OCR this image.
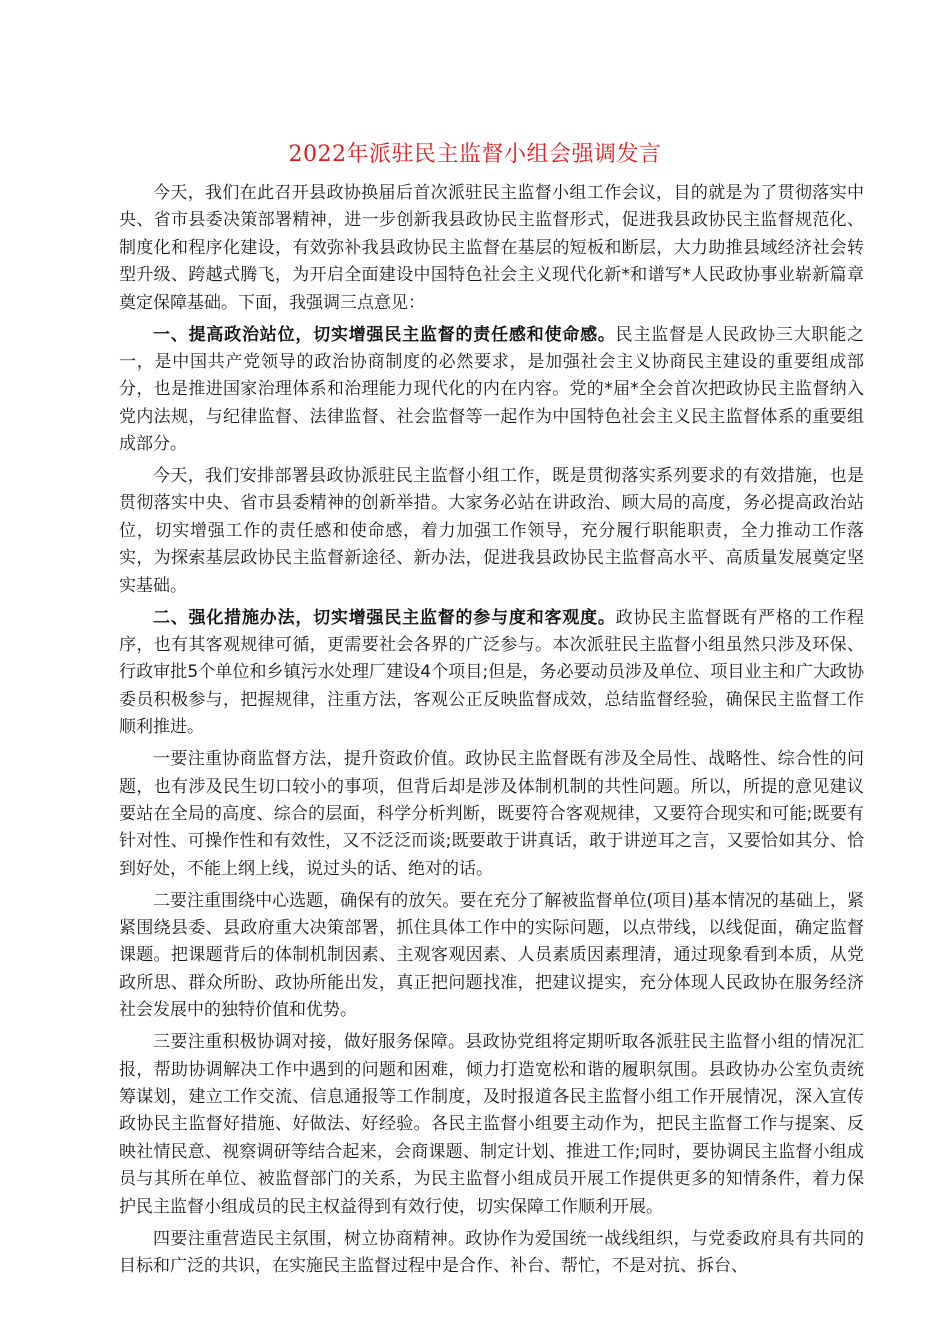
2022年派驻民主监督小组会强调发言

今天，我们在此召开县政协换届后首次派驻民主监督小组工作会议，目的就是为了贯彻落实中央、省市县委决策部署精神，进一步创新我县政协民主监督形式，促进我县政协民主监督规范化、制度化和程序化建设，有效弥补我县政协民主监督在基层的短板和断层，大力助推县域经济社会转型升级、跨越式腾飞，为开启全面建设中国特色社会主义现代化新*和谱写*人民政协事业崭新篇章奠定保障基础。下面，我强调三点意见：

一、提高政治站位，切实增强民主监督的责任感和使命感。民主监督是人民政协三大职能之一，是中国共产党领导的政治协商制度的必然要求，是加强社会主义协商民主建设的重要组成部分，也是推进国家治理体系和治理能力现代化的内在内容。党的*届*全会首次把政协民主监督纳入党内法规，与纪律监督、法律监督、社会监督等一起作为中国特色社会主义民主监督体系的重要组成部分。

今天，我们安排部署县政协派驻民主监督小组工作，既是贯彻落实系列要求的有效措施，也是贯彻落实中央、省市县委精神的创新举措。大家务必站在讲政治、顾大局的高度，务必提高政治站位，切实增强工作的责任感和使命感，着力加强工作领导，充分履行职能职责，全力推动工作落实，为探索基层政协民主监督新途径、新办法，促进我县政协民主监督高水平、高质量发展奠定坚实基础。

二、强化措施办法，切实增强民主监督的参与度和客观度。政协民主监督既有严格的工作程序，也有其客观规律可循，更需要社会各界的广泛参与。本次派驻民主监督小组虽然只涉及环保、行政审批5个单位和乡镇污水处理厂建设4个项目;但是，务必要动员涉及单位、项目业主和广大政协委员积极参与，把握规律，注重方法，客观公正反映监督成效，总结监督经验，确保民主监督工作顺利推进。

一要注重协商监督方法，提升资政价值。政协民主监督既有涉及全局性、战略性、综合性的问题，也有涉及民生切口较小的事项，但背后却是涉及体制机制的共性问题。所以，所提的意见建议要站在全局的高度、综合的层面，科学分析判断，既要符合客观规律，又要符合现实和可能;既要有针对性、可操作性和有效性，又不泛泛而谈;既要敢于讲真话，敢于讲逆耳之言，又要恰如其分、恰到好处，不能上纲上线，说过头的话、绝对的话。

二要注重围绕中心选题，确保有的放矢。要在充分了解被监督单位(项目)基本情况的基础上，紧紧围绕县委、县政府重大决策部署，抓住具体工作中的实际问题，以点带线，以线促面，确定监督课题。把课题背后的体制机制因素、主观客观因素、人员素质因素理清，通过现象看到本质，从党政所思、群众所盼、政协所能出发，真正把问题找准，把建议提实，充分体现人民政协在服务经济社会发展中的独特价值和优势。

三要注重积极协调对接，做好服务保障。县政协党组将定期听取各派驻民主监督小组的情况汇报，帮助协调解决工作中遇到的问题和困难，倾力打造宽松和谐的履职氛围。县政协办公室负责统筹谋划，建立工作交流、信息通报等工作制度，及时报道各民主监督小组工作开展情况，深入宣传政协民主监督好措施、好做法、好经验。各民主监督小组要主动作为，把民主监督工作与提案、反映社情民意、视察调研等结合起来，会商课题、制定计划、推进工作;同时，要协调民主监督小组成员与其所在单位、被监督部门的关系，为民主监督小组成员开展工作提供更多的知情条件，着力保护民主监督小组成员的民主权益得到有效行使，切实保障工作顺利开展。

四要注重营造民主氛围，树立协商精神。政协作为爱国统一战线组织，与党委政府具有共同的目标和广泛的共识，在实施民主监督过程中是合作、补台、帮忙，不是对抗、拆台、
